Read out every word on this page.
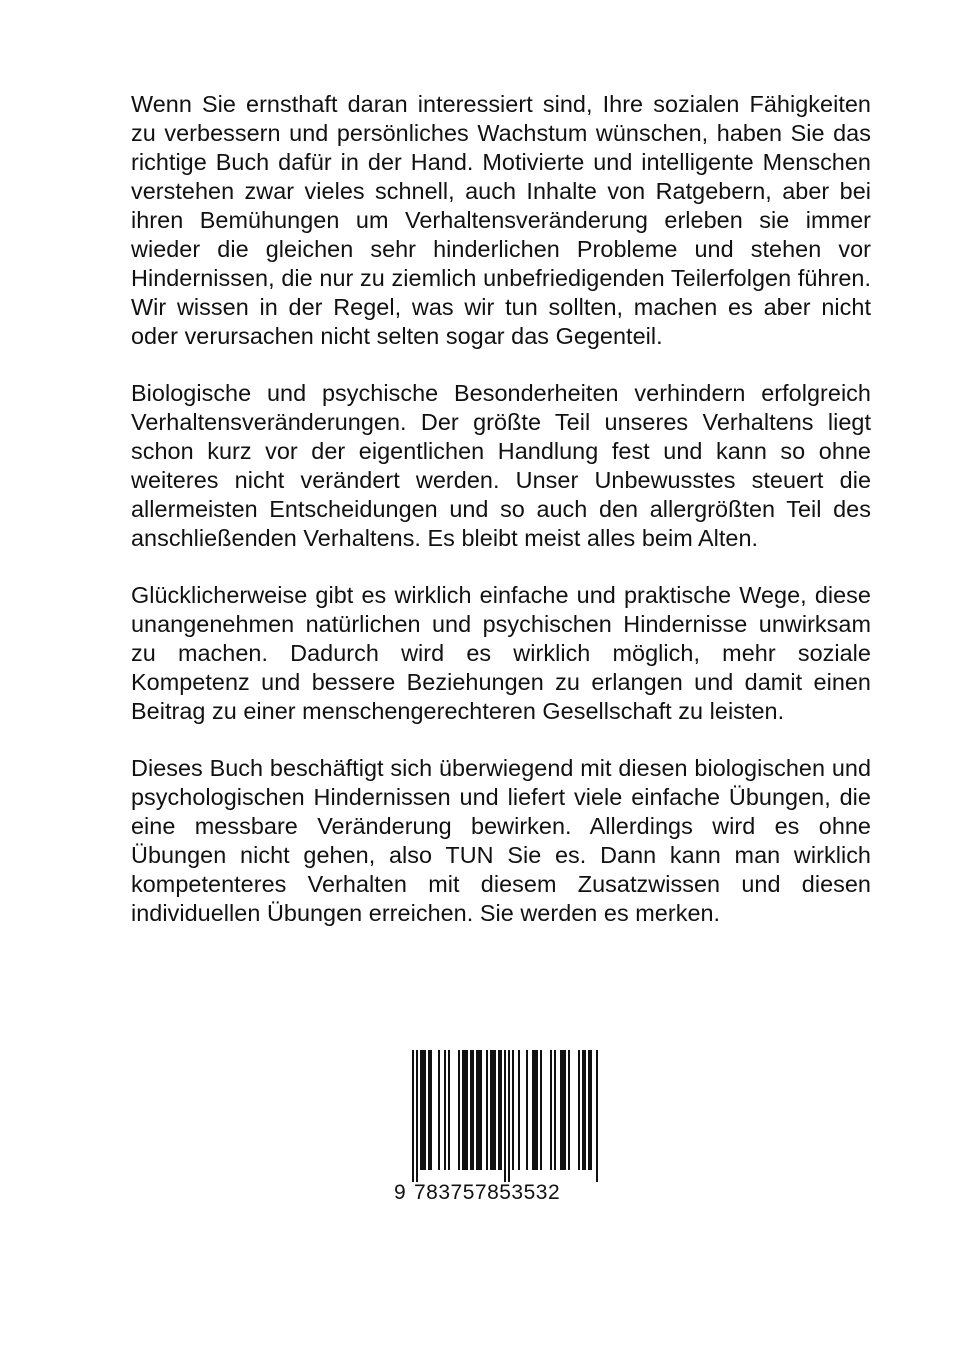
Wenn Sie ernsthaft daran interessiert sind, Ihre sozialen Fähigkeiten zu verbessern und persönliches Wachstum wünschen, haben Sie das richtige Buch dafür in der Hand. Motivierte und intelligente Menschen verstehen zwar vieles schnell, auch Inhalte von Ratgebern, aber bei ihren Bemühungen um Verhaltensveränderung erleben sie immer wieder die gleichen sehr hinderlichen Probleme und stehen vor Hindernissen, die nur zu ziemlich unbefriedigenden Teilerfolgen führen. Wir wissen in der Regel, was wir tun sollten, machen es aber nicht oder verursachen nicht selten sogar das Gegenteil.

Biologische und psychische Besonderheiten verhindern erfolgreich Verhaltensveränderungen. Der größte Teil unseres Verhaltens liegt schon kurz vor der eigentlichen Handlung fest und kann so ohne weiteres nicht verändert werden. Unser Unbewusstes steuert die allermeisten Entscheidungen und so auch den allergrößten Teil des anschließenden Verhaltens. Es bleibt meist alles beim Alten.

Glücklicherweise gibt es wirklich einfache und praktische Wege, diese unangenehmen natürlichen und psychischen Hindernisse unwirksam zu machen. Dadurch wird es wirklich möglich, mehr soziale Kompetenz und bessere Beziehungen zu erlangen und damit einen Beitrag zu einer menschengerechteren Gesellschaft zu leisten.

Dieses Buch beschäftigt sich überwiegend mit diesen biologischen und psychologischen Hindernissen und liefert viele einfache Übungen, die eine messbare Veränderung bewirken. Allerdings wird es ohne Übungen nicht gehen, also TUN Sie es. Dann kann man wirklich kompetenteres Verhalten mit diesem Zusatzwissen und diesen individuellen Übungen erreichen. Sie werden es merken.

9 783757853532
